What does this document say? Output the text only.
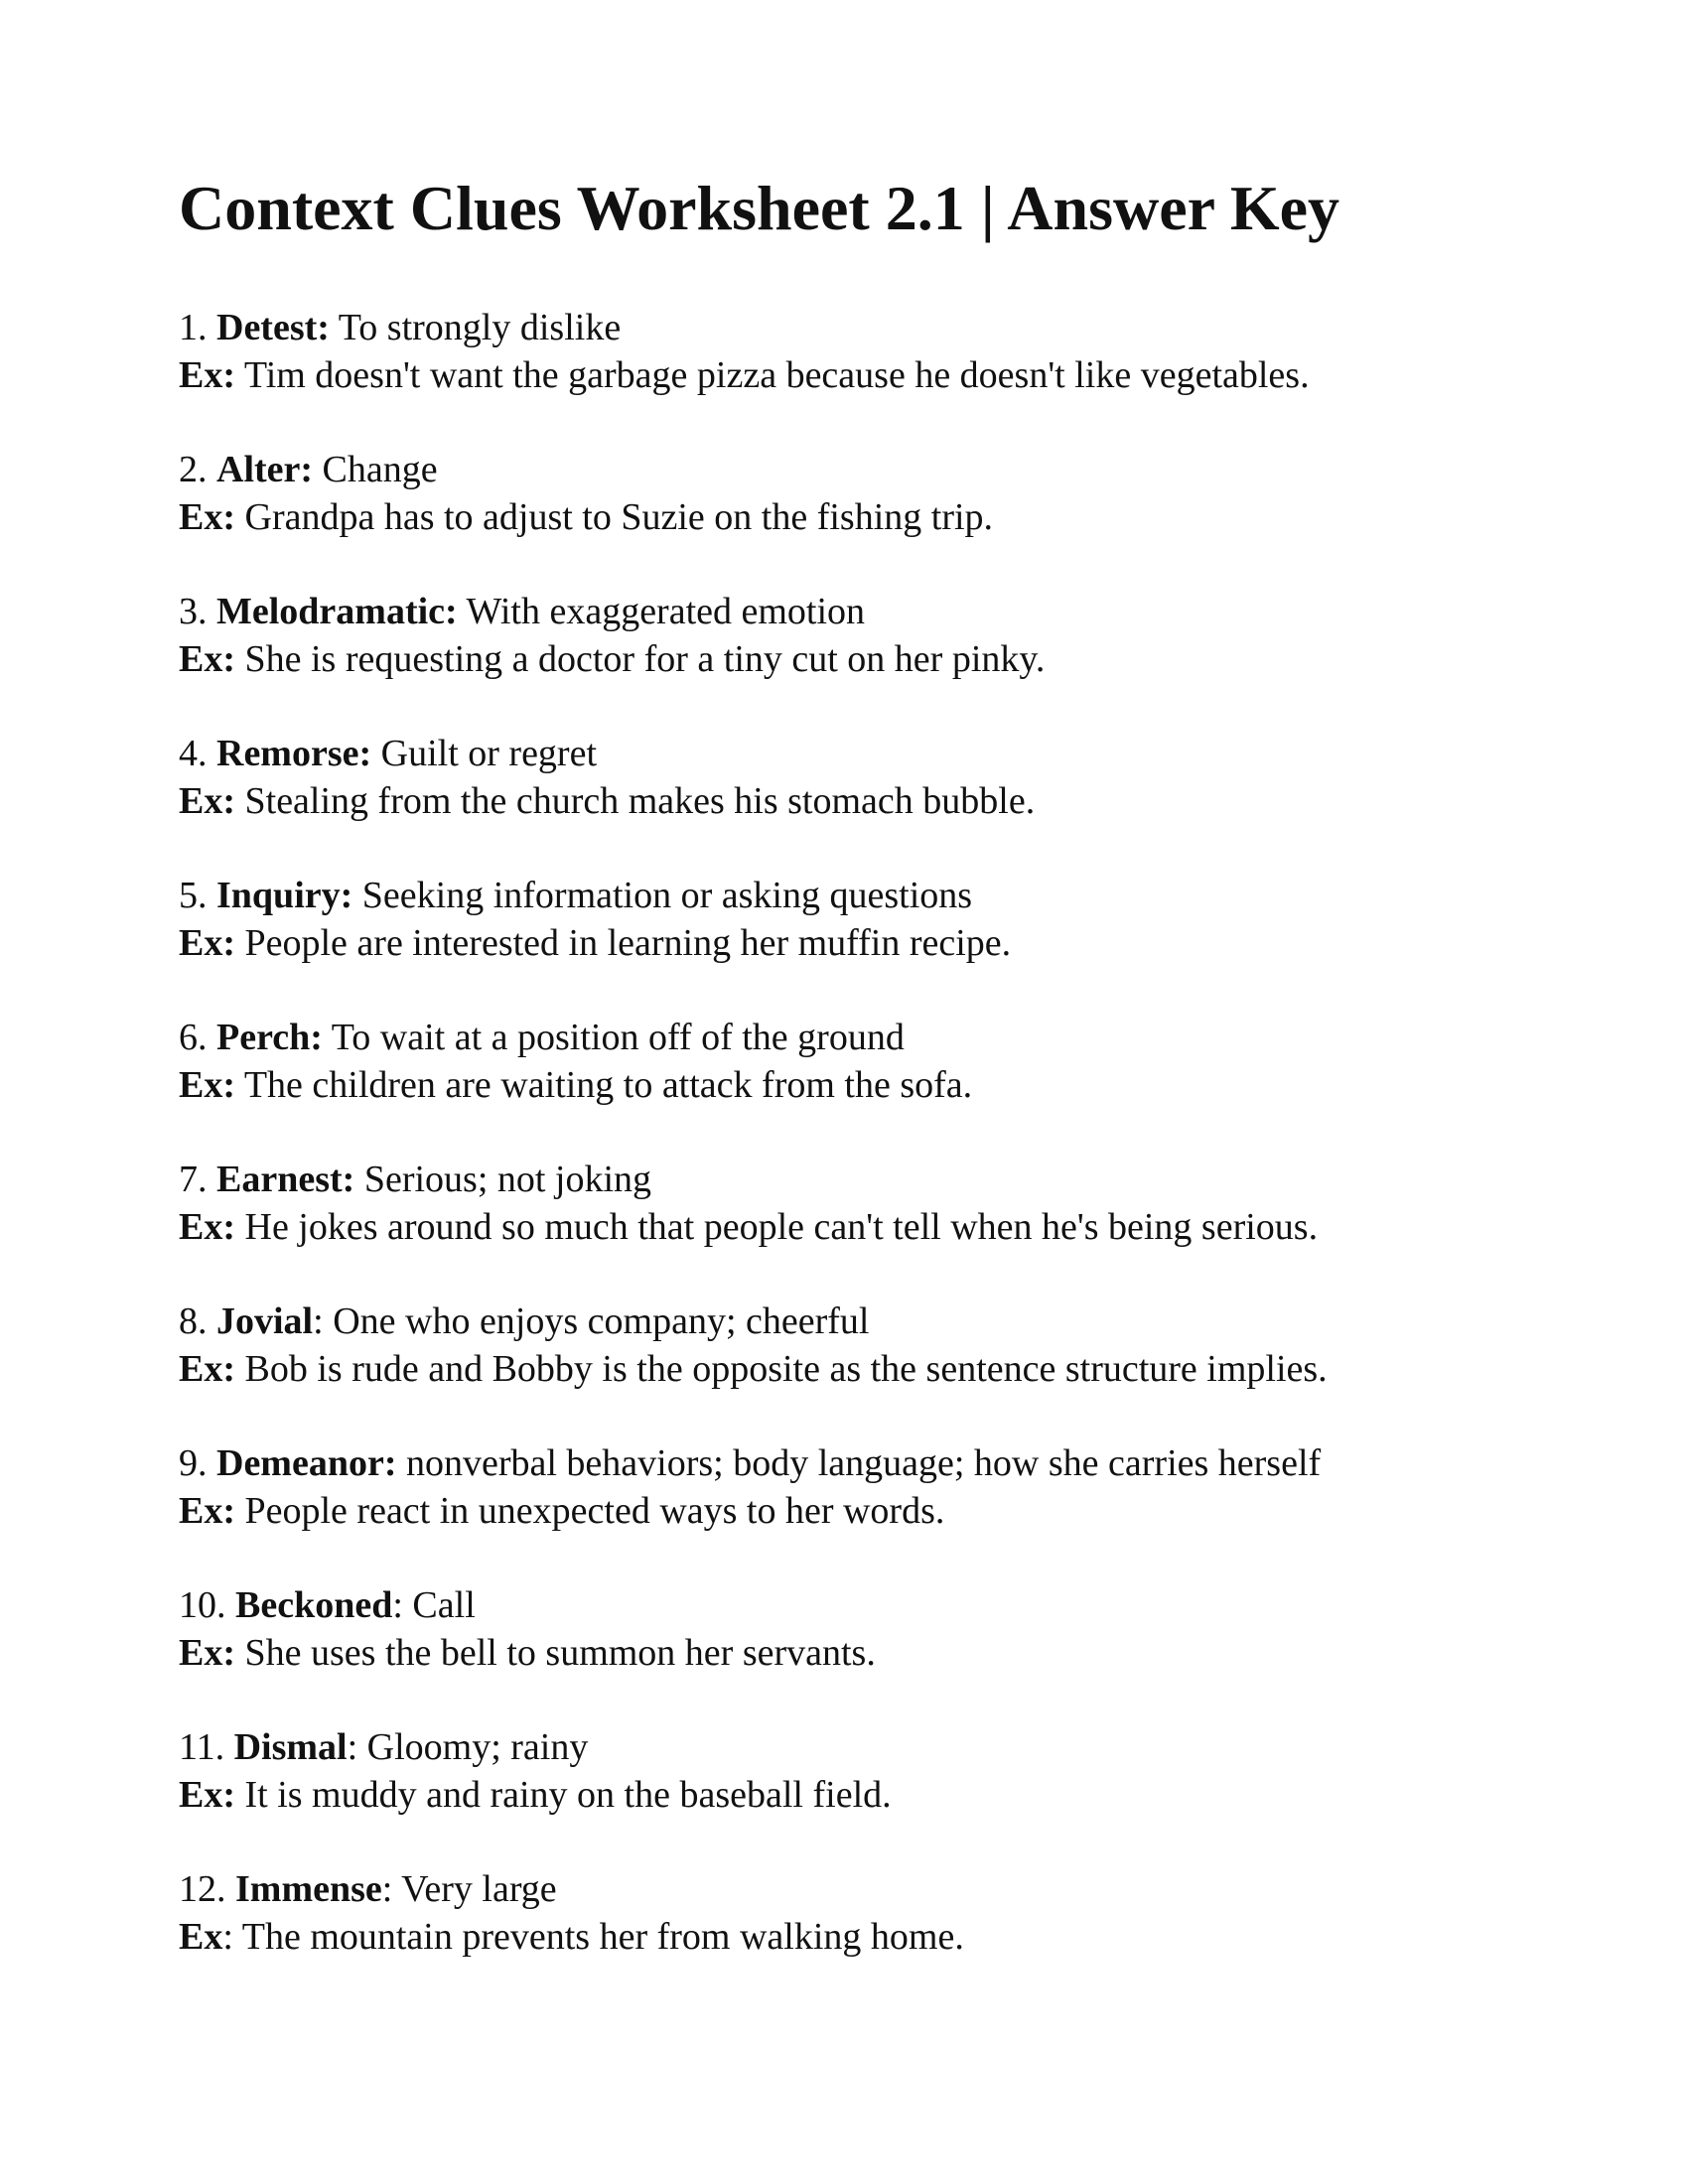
Context Clues Worksheet 2.1 | Answer Key
1. Detest: To strongly dislike
Ex: Tim doesn't want the garbage pizza because he doesn't like vegetables.
2. Alter: Change
Ex: Grandpa has to adjust to Suzie on the fishing trip.
3. Melodramatic: With exaggerated emotion
Ex: She is requesting a doctor for a tiny cut on her pinky.
4. Remorse: Guilt or regret
Ex: Stealing from the church makes his stomach bubble.
5. Inquiry: Seeking information or asking questions
Ex: People are interested in learning her muffin recipe.
6. Perch: To wait at a position off of the ground
Ex: The children are waiting to attack from the sofa.
7. Earnest: Serious; not joking
Ex: He jokes around so much that people can't tell when he's being serious.
8. Jovial: One who enjoys company; cheerful
Ex: Bob is rude and Bobby is the opposite as the sentence structure implies.
9. Demeanor: nonverbal behaviors; body language; how she carries herself
Ex: People react in unexpected ways to her words.
10. Beckoned: Call
Ex: She uses the bell to summon her servants.
11. Dismal: Gloomy; rainy
Ex: It is muddy and rainy on the baseball field.
12. Immense: Very large
Ex: The mountain prevents her from walking home.
